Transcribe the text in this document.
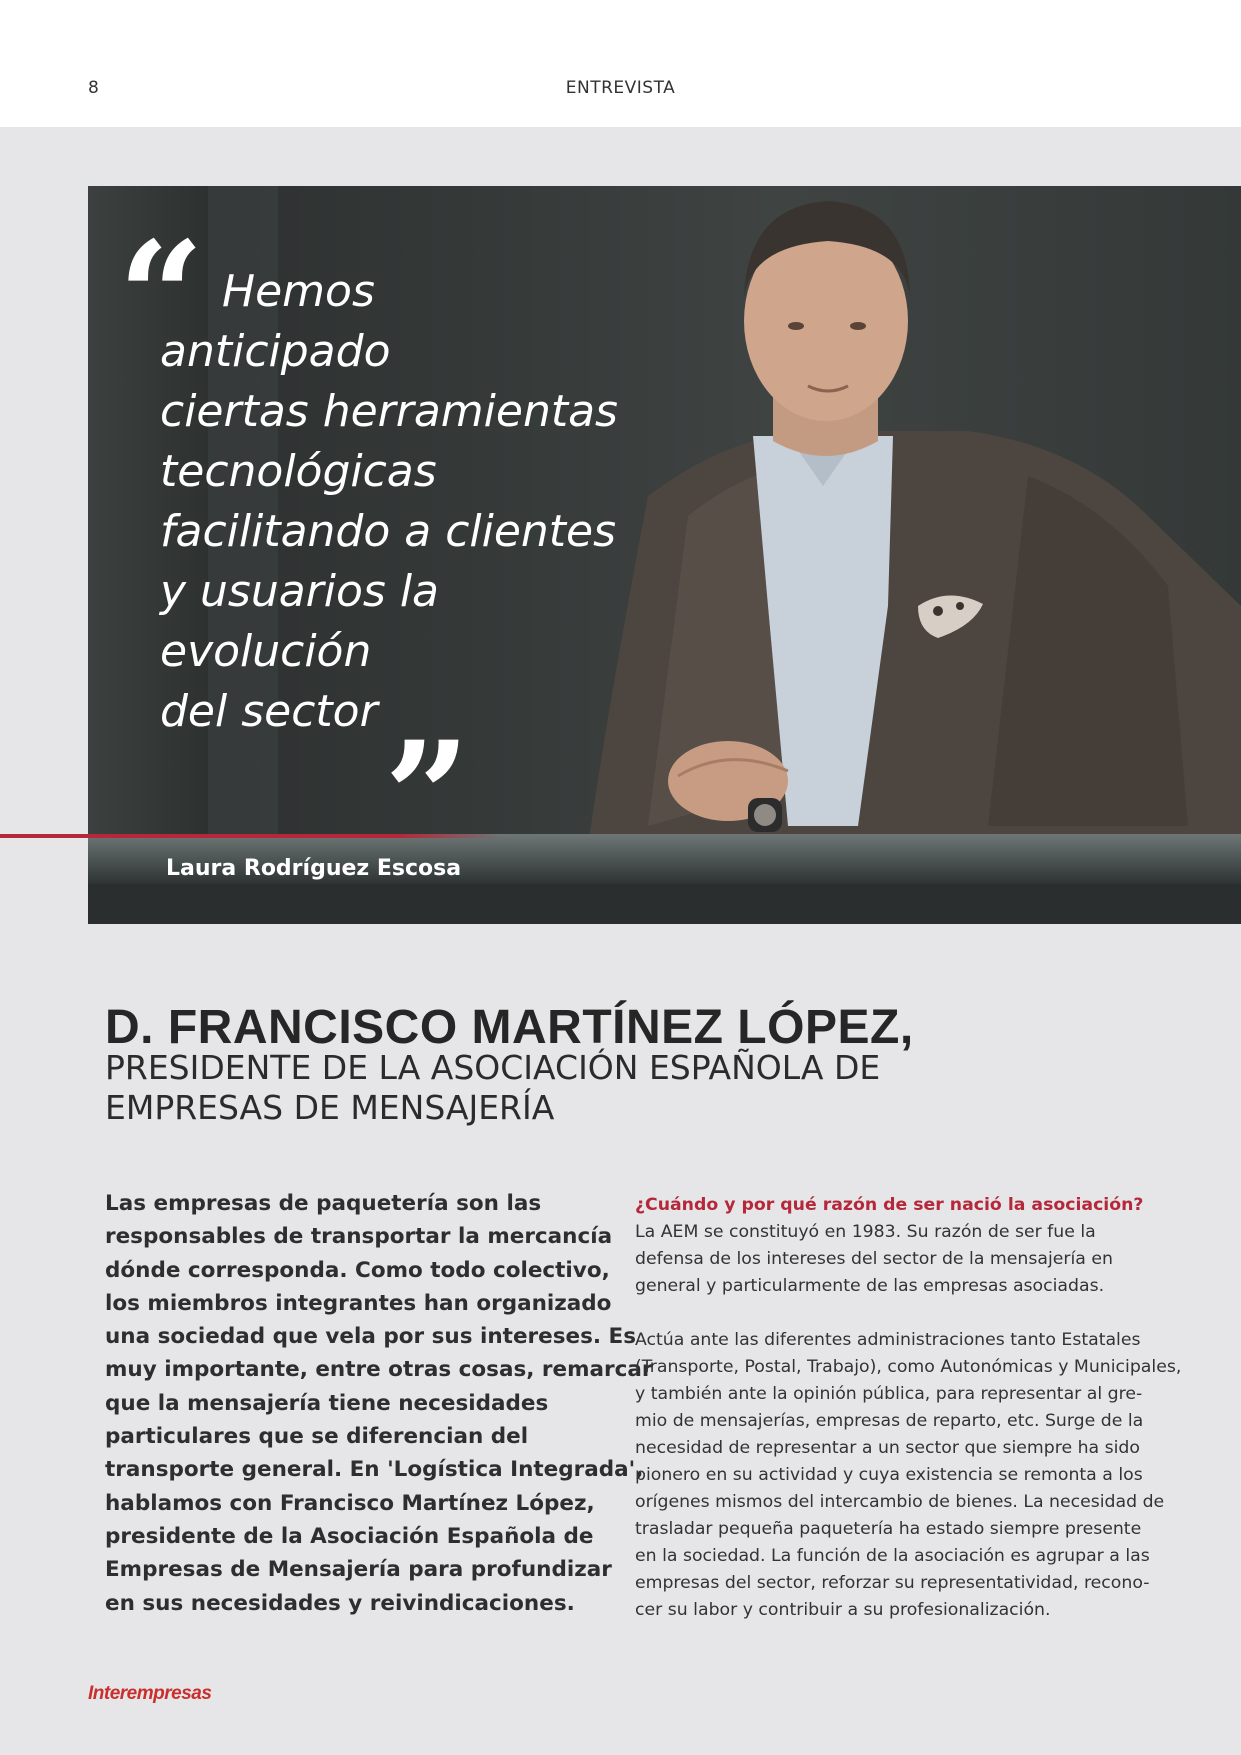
8	ENTREVISTA
“ Hemos
anticipado
ciertas herramientas
tecnológicas
facilitando a clientes
y usuarios la
evolución
del sector ”
Laura Rodríguez Escosa
D. FRANCISCO MARTÍNEZ LÓPEZ,
PRESIDENTE DE LA ASOCIACIÓN ESPAÑOLA DE
EMPRESAS DE MENSAJERÍA
Las empresas de paquetería son las
responsables de transportar la mercancía
dónde corresponda. Como todo colectivo,
los miembros integrantes han organizado
una sociedad que vela por sus intereses. Es
muy importante, entre otras cosas, remarcar
que la mensajería tiene necesidades
particulares que se diferencian del
transporte general. En 'Logística Integrada',
hablamos con Francisco Martínez López,
presidente de la Asociación Española de
Empresas de Mensajería para profundizar
en sus necesidades y reivindicaciones.
¿Cuándo y por qué razón de ser nació la asociación?
La AEM se constituyó en 1983. Su razón de ser fue la
defensa de los intereses del sector de la mensajería en
general y particularmente de las empresas asociadas.
Actúa ante las diferentes administraciones tanto Estatales
(Transporte, Postal, Trabajo), como Autonómicas y Municipales,
y también ante la opinión pública, para representar al gre-
mio de mensajerías, empresas de reparto, etc. Surge de la
necesidad de representar a un sector que siempre ha sido
pionero en su actividad y cuya existencia se remonta a los
orígenes mismos del intercambio de bienes. La necesidad de
trasladar pequeña paquetería ha estado siempre presente
en la sociedad. La función de la asociación es agrupar a las
empresas del sector, reforzar su representatividad, recono-
cer su labor y contribuir a su profesionalización.
Interempresas
